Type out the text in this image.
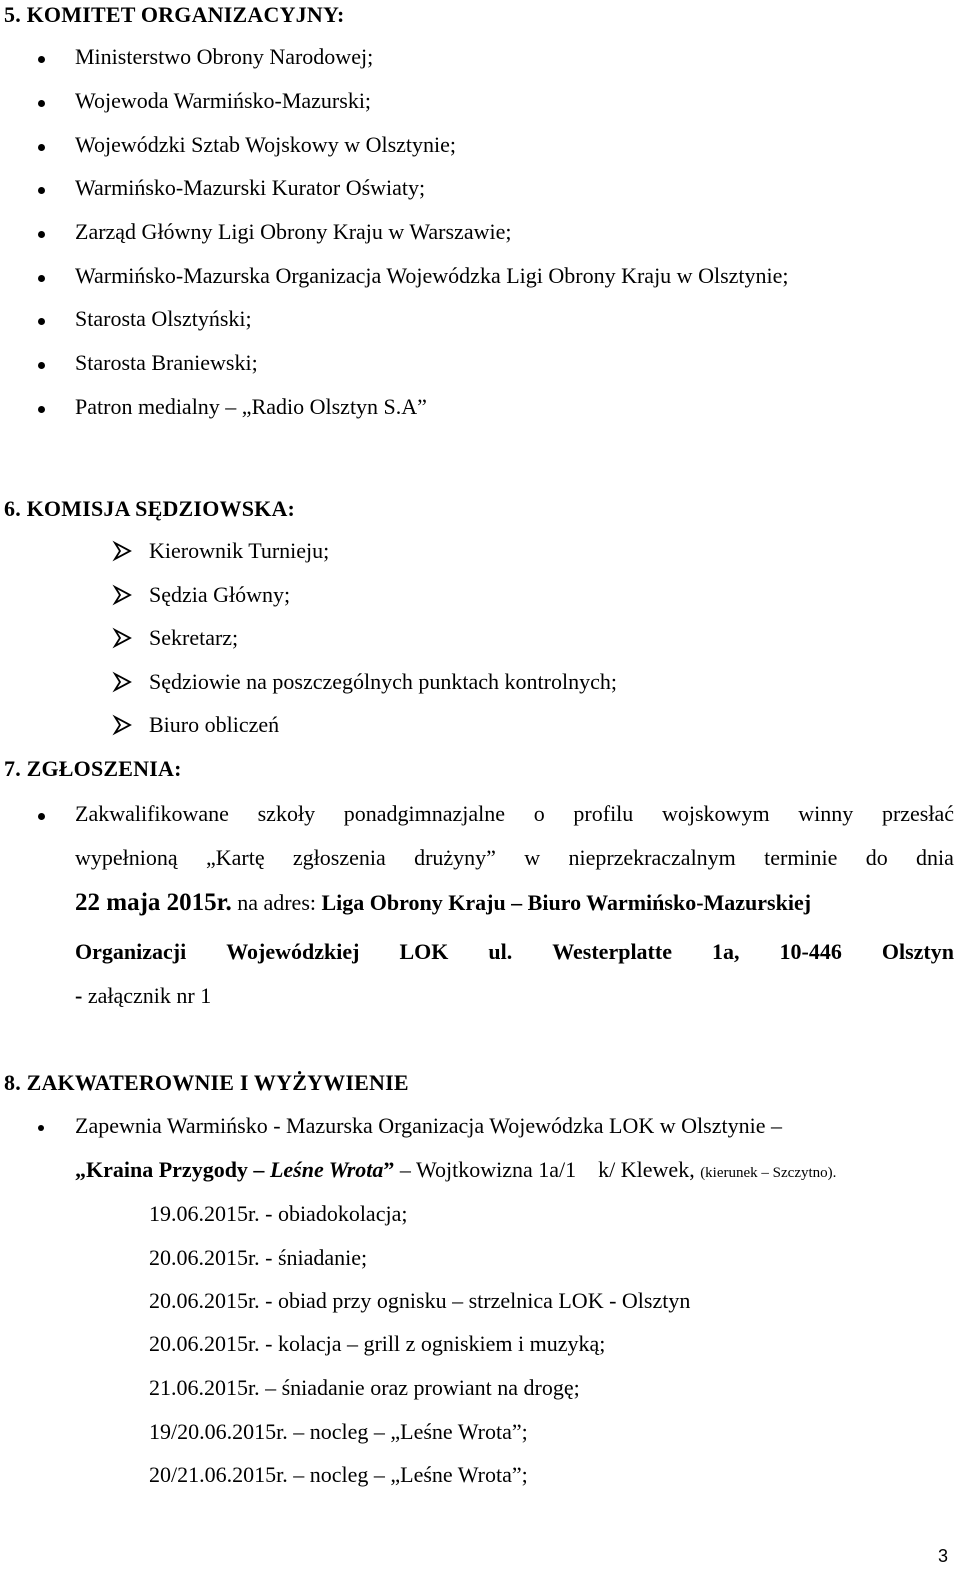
5. KOMITET ORGANIZACYJNY:
Ministerstwo Obrony Narodowej;
Wojewoda Warmińsko-Mazurski;
Wojewódzki Sztab Wojskowy w Olsztynie;
Warmińsko-Mazurski Kurator Oświaty;
Zarząd Główny Ligi Obrony Kraju w Warszawie;
Warmińsko-Mazurska Organizacja Wojewódzka Ligi Obrony Kraju w Olsztynie;
Starosta Olsztyński;
Starosta Braniewski;
Patron medialny – „Radio Olsztyn S.A”
6. KOMISJA SĘDZIOWSKA:
Kierownik Turnieju;
Sędzia Główny;
Sekretarz;
Sędziowie na poszczególnych punktach kontrolnych;
Biuro obliczeń
7. ZGŁOSZENIA:
Zakwalifikowane szkoły ponadgimnazjalne o profilu wojskowym winny przesłać
wypełnioną „Kartę zgłoszenia drużyny” w nieprzekraczalnym terminie do dnia
22 maja 2015r. na adres: Liga Obrony Kraju – Biuro Warmińsko-Mazurskiej
Organizacji Wojewódzkiej LOK ul. Westerplatte 1a, 10-446 Olsztyn
- załącznik nr 1
8. ZAKWATEROWNIE I WYŻYWIENIE
Zapewnia Warmińsko - Mazurska Organizacja Wojewódzka LOK w Olsztynie –
„Kraina Przygody – Leśne Wrota” – Wojtkowizna 1a/1    k/ Klewek, (kierunek – Szczytno).
19.06.2015r. - obiadokolacja;
20.06.2015r. - śniadanie;
20.06.2015r. - obiad przy ognisku – strzelnica LOK - Olsztyn
20.06.2015r. - kolacja – grill z ogniskiem i muzyką;
21.06.2015r. – śniadanie oraz prowiant na drogę;
19/20.06.2015r. – nocleg – „Leśne Wrota”;
20/21.06.2015r. – nocleg – „Leśne Wrota”;
3
